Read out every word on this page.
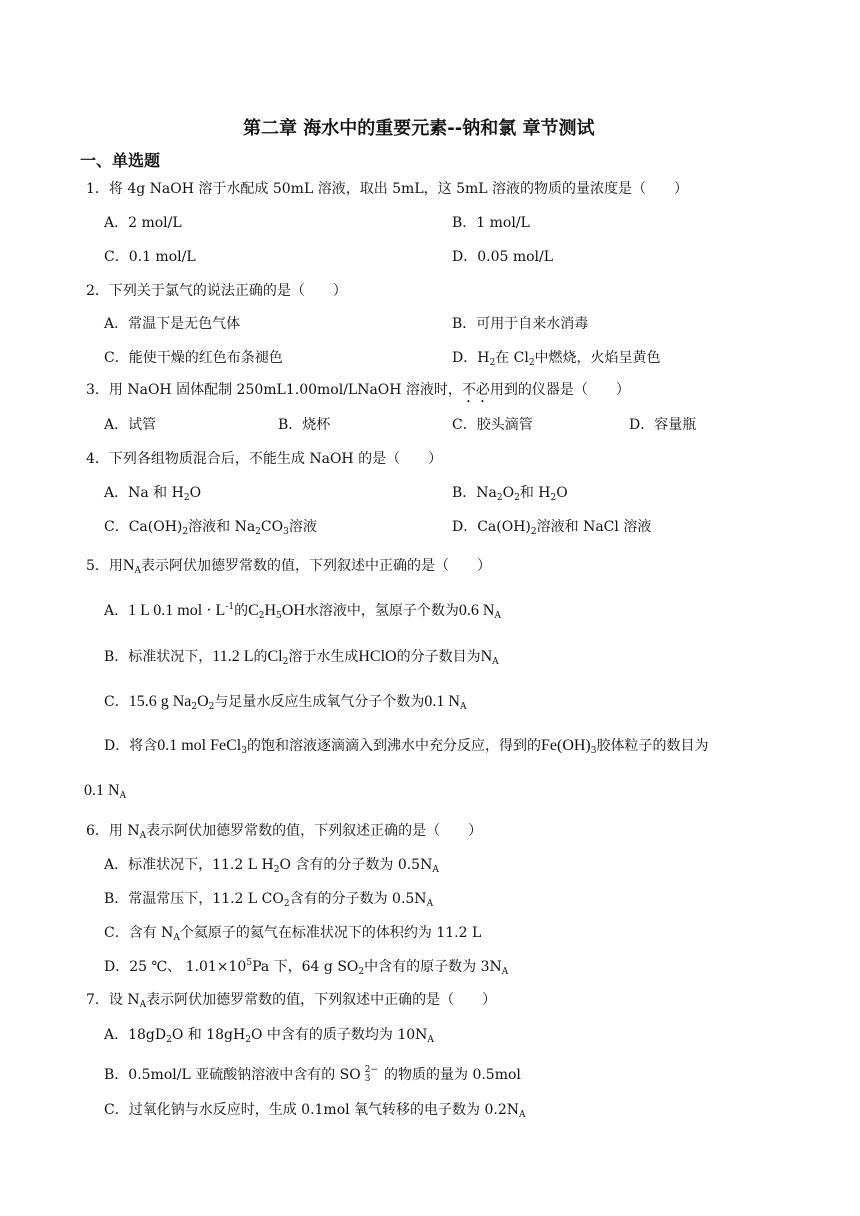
第二章 海水中的重要元素--钠和氯 章节测试
一、单选题
1．将 4g NaOH 溶于水配成 50mL 溶液，取出 5mL，这 5mL 溶液的物质的量浓度是（　　）
A．2 mol/L	B．1 mol/L
C．0.1 mol/L	D．0.05 mol/L
2．下列关于氯气的说法正确的是（　　）
A．常温下是无色气体	B．可用于自来水消毒
C．能使干燥的红色布条褪色	D．$H_2$在 $Cl_2$中燃烧，火焰呈黄色
3．用 NaOH 固体配制 250mL1.00mol/LNaOH 溶液时，不必用到的仪器是（　　）
A．试管	B．烧杯	C．胶头滴管	D．容量瓶
4．下列各组物质混合后，不能生成 NaOH 的是（　　）
A．Na 和 $H_2O$	B．$Na_2O_2$和 $H_2O$
C．$Ca(OH)_2$溶液和 $Na_2CO_3$溶液	D．$Ca(OH)_2$溶液和 NaCl 溶液
5．用$N_A$表示阿伏加德罗常数的值，下列叙述中正确的是（　　）
A．1 L 0.1 mol · $L^{-1}$的$C_2H_5OH$水溶液中，氢原子个数为0.6 $N_A$
B．标准状况下，11.2 L的$Cl_2$溶于水生成HClO的分子数目为$N_A$
C．15.6 g $Na_2O_2$与足量水反应生成氧气分子个数为0.1 $N_A$
D．将含0.1 mol FeCl$_3$的饱和溶液逐滴滴入到沸水中充分反应，得到的$Fe(OH)_3$胶体粒子的数目为
0.1 $N_A$
6．用 $N_A$表示阿伏加德罗常数的值，下列叙述正确的是（　　）
A．标准状况下，11.2 L $H_2O$ 含有的分子数为 $0.5N_A$
B．常温常压下，11.2 L $CO_2$含有的分子数为 $0.5N_A$
C．含有 $N_A$个氦原子的氦气在标准状况下的体积约为 11.2 L
D．25 ℃、 $1.01\times 10^5Pa$ 下，64 g $SO_2$中含有的原子数为 $3N_A$
7．设 $N_A$表示阿伏加德罗常数的值，下列叙述中正确的是（　　）
A．$18gD_2O$ 和 $18gH_2O$ 中含有的质子数均为 $10N_A$
B．0.5mol/L 亚硫酸钠溶液中含有的 SO 2−
3 的物质的量为 0.5mol
C．过氧化钠与水反应时，生成 0.1mol 氧气转移的电子数为 $0.2N_A$
